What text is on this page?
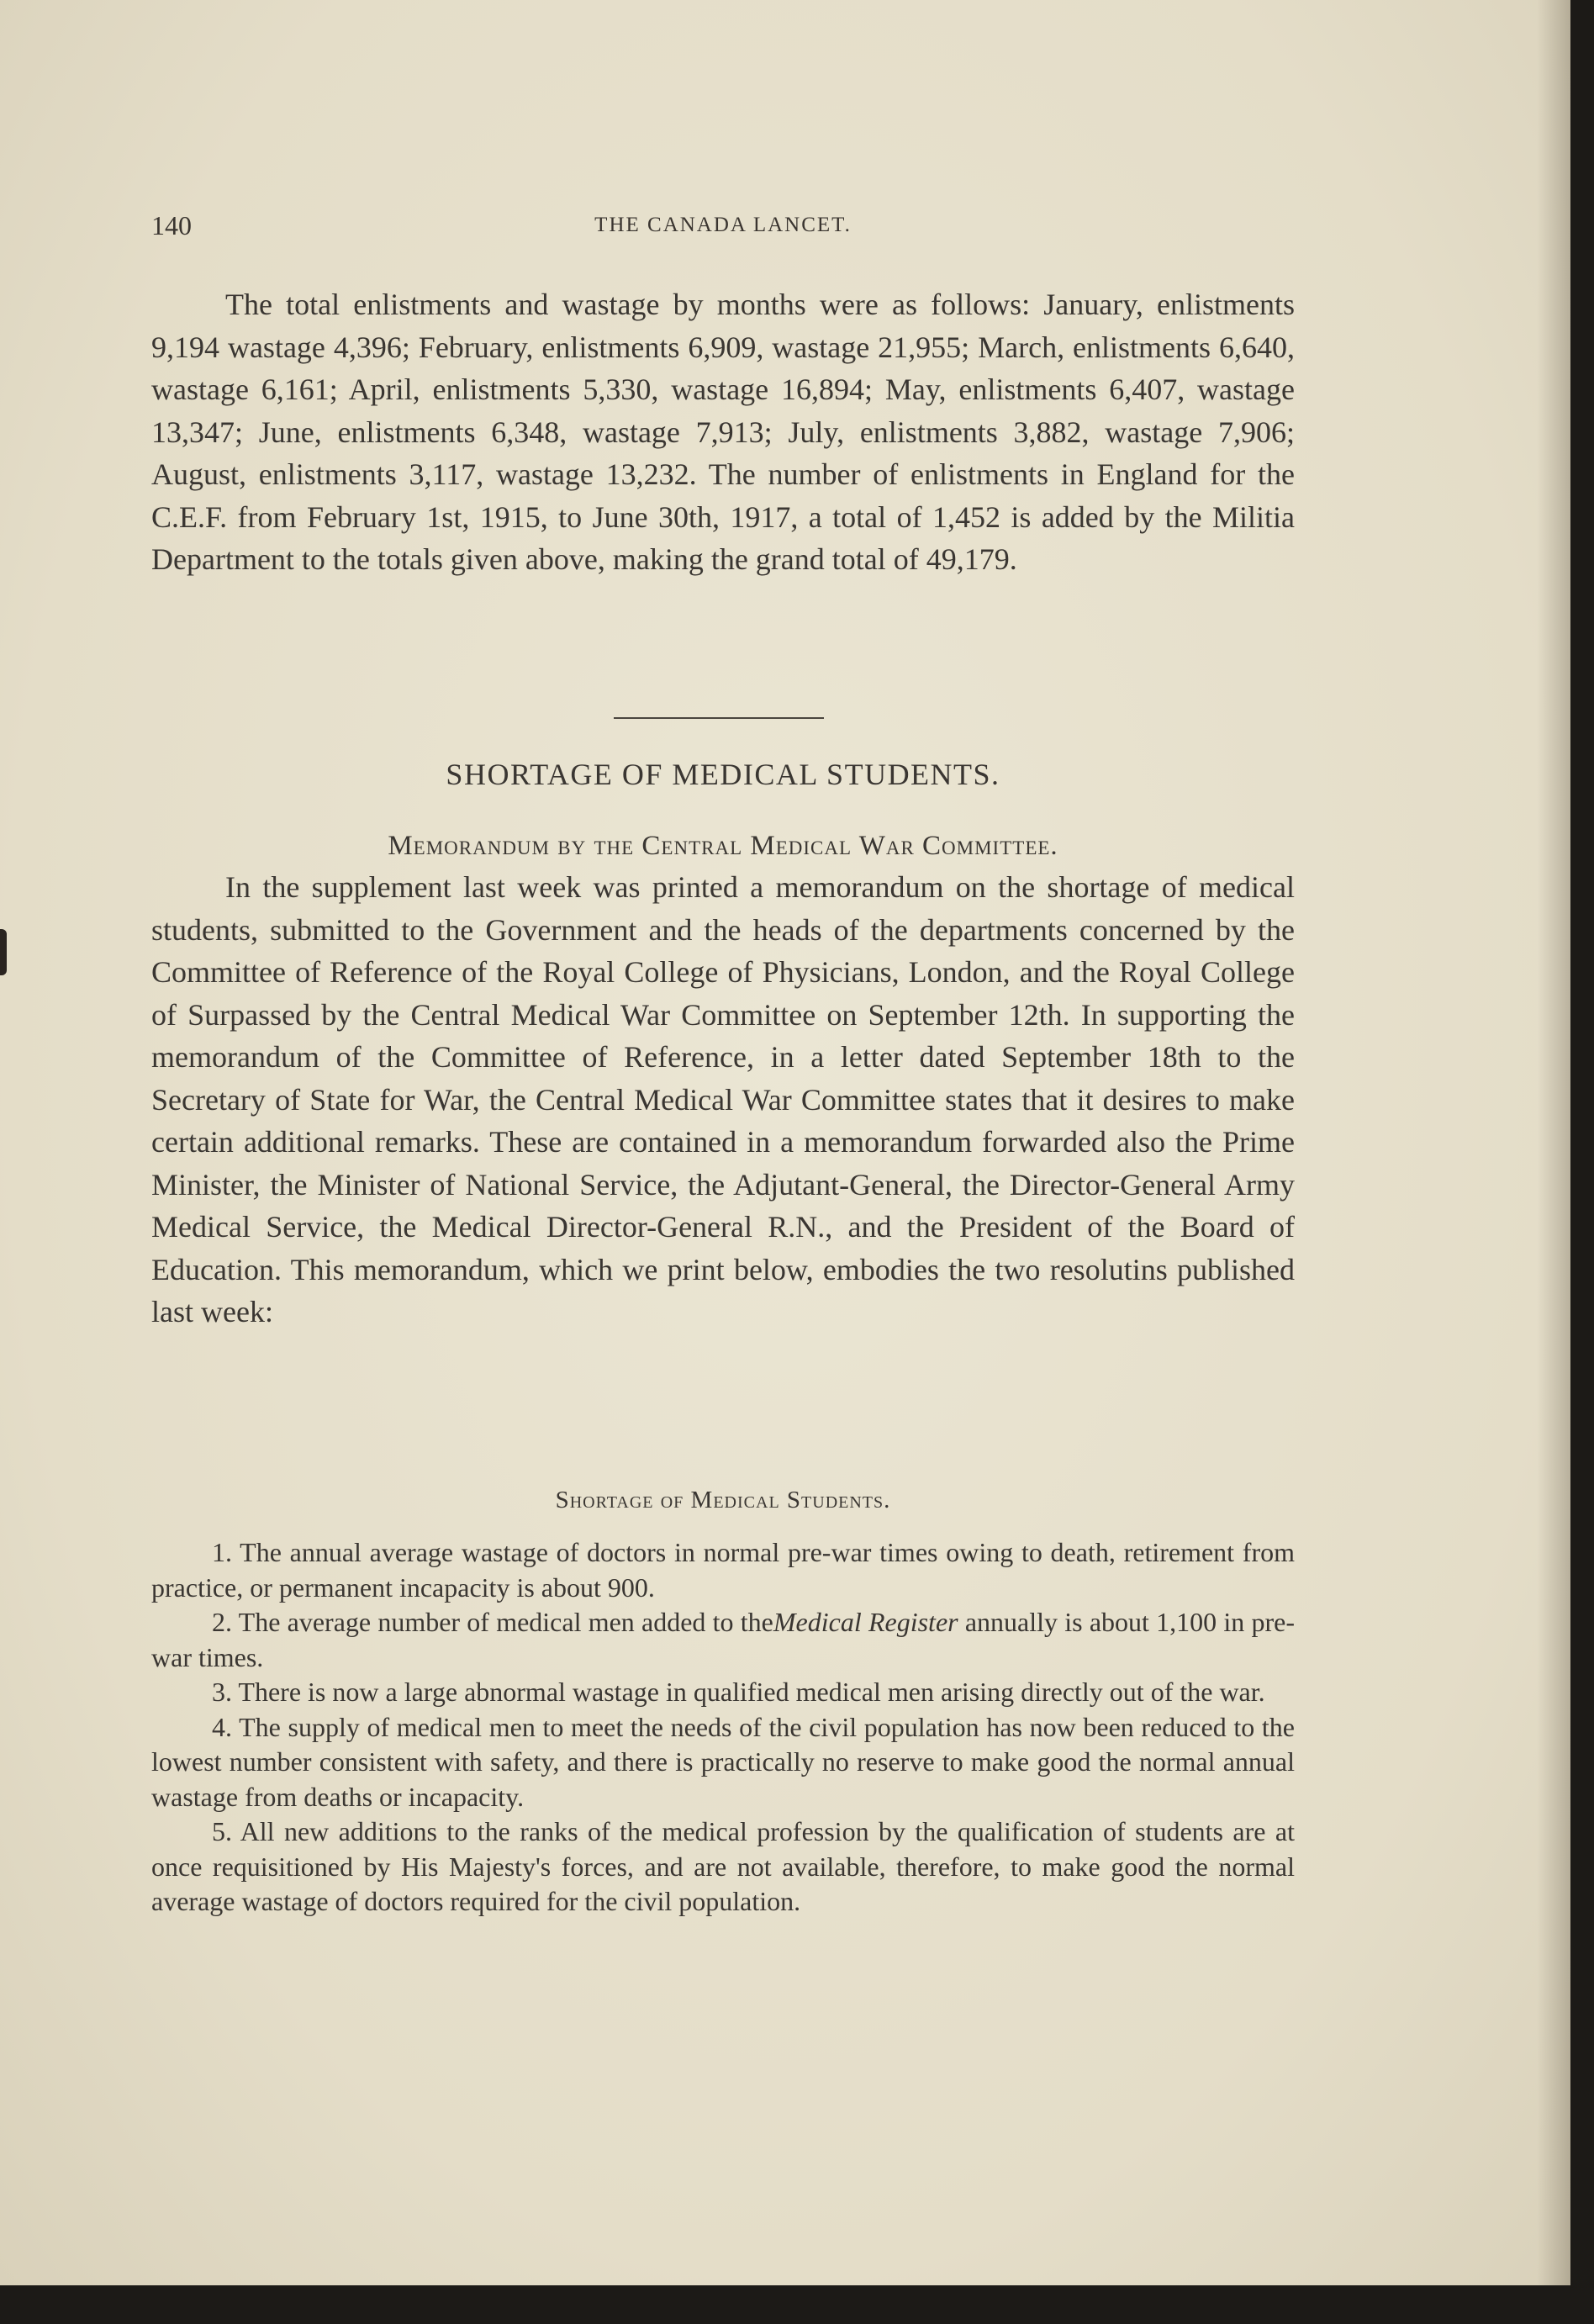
140	THE CANADA LANCET.

The total enlistments and wastage by months were as follows: January, enlistments 9,194 wastage 4,396; February, enlistments 6,909, wastage 21,955; March, enlistments 6,640, wastage 6,161; April, enlistments 5,330, wastage 16,894; May, enlistments 6,407, wastage 13,347; June, enlistments 6,348, wastage 7,913; July, enlistments 3,882, wastage 7,906; August, enlistments 3,117, wastage 13,232. The number of enlistments in England for the C.E.F. from February 1st, 1915, to June 30th, 1917, a total of 1,452 is added by the Militia Department to the totals given above, making the grand total of 49,179.

SHORTAGE OF MEDICAL STUDENTS.
Memorandum by the Central Medical War Committee.

In the supplement last week was printed a memorandum on the shortage of medical students, submitted to the Government and the heads of the departments concerned by the Committee of Reference of the Royal College of Physicians, London, and the Royal College of Surpassed by the Central Medical War Committee on September 12th. In supporting the memorandum of the Committee of Reference, in a letter dated September 18th to the Secretary of State for War, the Central Medical War Committee states that it desires to make certain additional remarks. These are contained in a memorandum forwarded also the Prime Minister, the Minister of National Service, the Adjutant-General, the Director-General Army Medical Service, the Medical Director-General R.N., and the President of the Board of Education. This memorandum, which we print below, embodies the two resolutins published last week:

Shortage of Medical Students.

1. The annual average wastage of doctors in normal pre-war times owing to death, retirement from practice, or permanent incapacity is about 900.

2. The average number of medical men added to theMedical Register annually is about 1,100 in pre-war times.

3. There is now a large abnormal wastage in qualified medical men arising directly out of the war.

4. The supply of medical men to meet the needs of the civil population has now been reduced to the lowest number consistent with safety, and there is practically no reserve to make good the normal annual wastage from deaths or incapacity.

5. All new additions to the ranks of the medical profession by the qualification of students are at once requisitioned by His Majesty's forces, and are not available, therefore, to make good the normal average wastage of doctors required for the civil population.
